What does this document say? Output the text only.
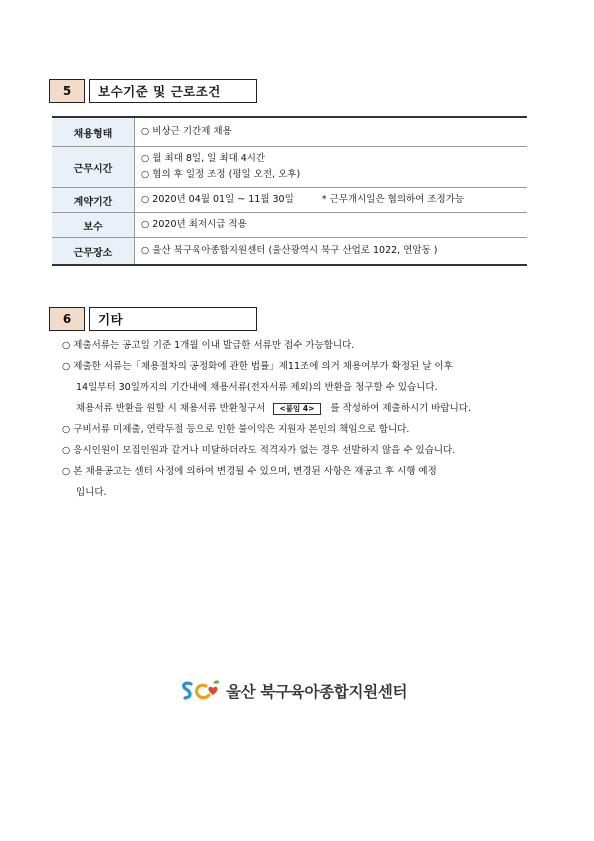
5	보수기준 및 근로조건
채용형태	○ 비상근 기간제 채용

근무시간	○ 월 최대 8일, 일 최대 4시간
○ 협의 후 일정 조정 (평일 오전, 오후)

계약기간	○ 2020년 04월 01일 ~ 11월 30일 * 근무개시일은 협의하여 조정가능
보수	○ 2020년 최저시급 적용

근무장소	○ 울산 북구육아종합지원센터 (울산광역시 북구 산업로 1022, 연암동 )
6	기타
○ 제출서류는 공고일 기준 1개월 이내 발급한 서류만 접수 가능합니다.
○ 제출한 서류는「채용절차의 공정화에 관한 법률」제11조에 의거 채용여부가 확정된 날 이후
14일부터 30일까지의 기간내에 채용서류(전자서류 제외)의 반환을 청구할 수 있습니다.
채용서류 반환을 원할 시 채용서류 반환청구서 <붙임 4> 를 작성하여 제출하시기 바랍니다.
○ 구비서류 미제출, 연락두절 등으로 인한 불이익은 지원자 본인의 책임으로 합니다.
○ 응시인원이 모집인원과 같거나 미달하더라도 적격자가 없는 경우 선발하지 않을 수 있습니다.
○ 본 채용공고는 센터 사정에 의하여 변경될 수 있으며, 변경된 사항은 재공고 후 시행 예정
입니다.
울산 북구육아종합지원센터
